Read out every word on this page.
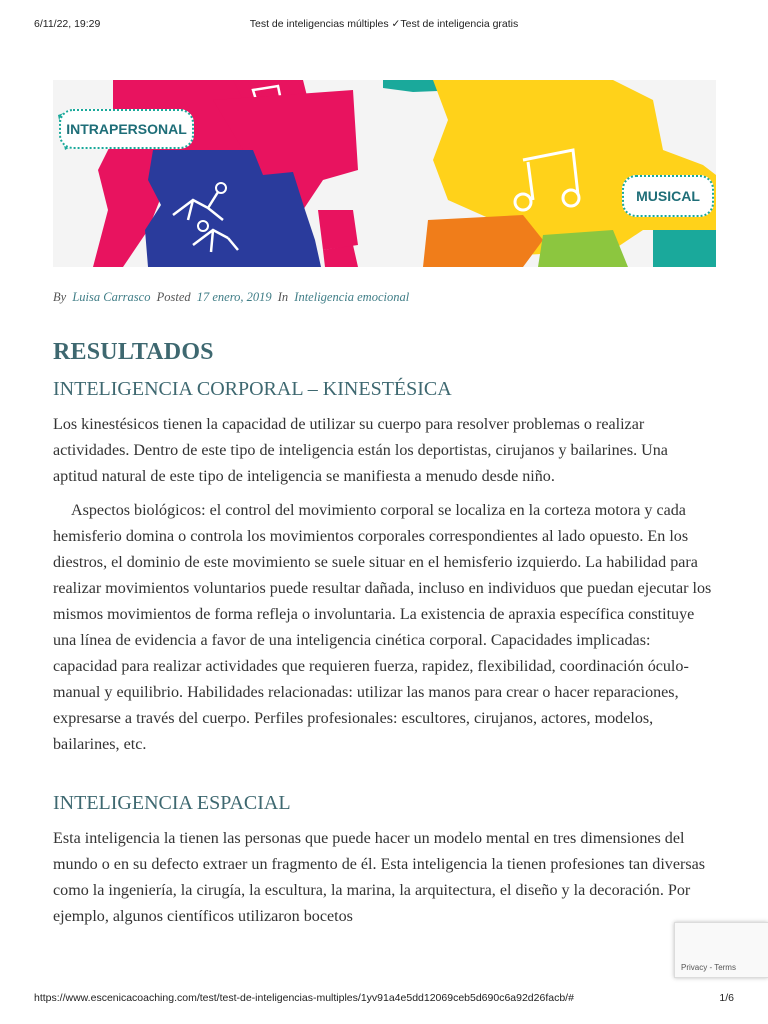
6/11/22, 19:29	Test de inteligencias múltiples ✓Test de inteligencia gratis
INTRAPERSONAL
MUSICAL
By Luisa Carrasco Posted 17 enero, 2019 In Inteligencia emocional
RESULTADOS
INTELIGENCIA CORPORAL – KINESTÉSICA

Los kinestésicos tienen la capacidad de utilizar su cuerpo para resolver problemas o realizar actividades. Dentro de este tipo de inteligencia están los deportistas, cirujanos y bailarines. Una aptitud natural de este tipo de inteligencia se manifiesta a menudo desde niño.

Aspectos biológicos: el control del movimiento corporal se localiza en la corteza motora y cada hemisferio domina o controla los movimientos corporales correspondientes al lado opuesto. En los diestros, el dominio de este movimiento se suele situar en el hemisferio izquierdo. La habilidad para realizar movimientos voluntarios puede resultar dañada, incluso en individuos que puedan ejecutar los mismos movimientos de forma refleja o involuntaria. La existencia de apraxia específica constituye una línea de evidencia a favor de una inteligencia cinética corporal. Capacidades implicadas: capacidad para realizar actividades que requieren fuerza, rapidez, flexibilidad, coordinación óculo-manual y equilibrio. Habilidades relacionadas: utilizar las manos para crear o hacer reparaciones, expresarse a través del cuerpo. Perfiles profesionales: escultores, cirujanos, actores, modelos, bailarines, etc.

INTELIGENCIA ESPACIAL

Esta inteligencia la tienen las personas que puede hacer un modelo mental en tres dimensiones del mundo o en su defecto extraer un fragmento de él. Esta inteligencia la tienen profesiones tan diversas como la ingeniería, la cirugía, la escultura, la marina, la arquitectura, el diseño y la decoración. Por ejemplo, algunos científicos utilizaron bocetos

Privacy - Terms
https://www.escenicacoaching.com/test/test-de-inteligencias-multiples/1yv91a4e5dd12069ceb5d690c6a92d26facb/#	1/6
